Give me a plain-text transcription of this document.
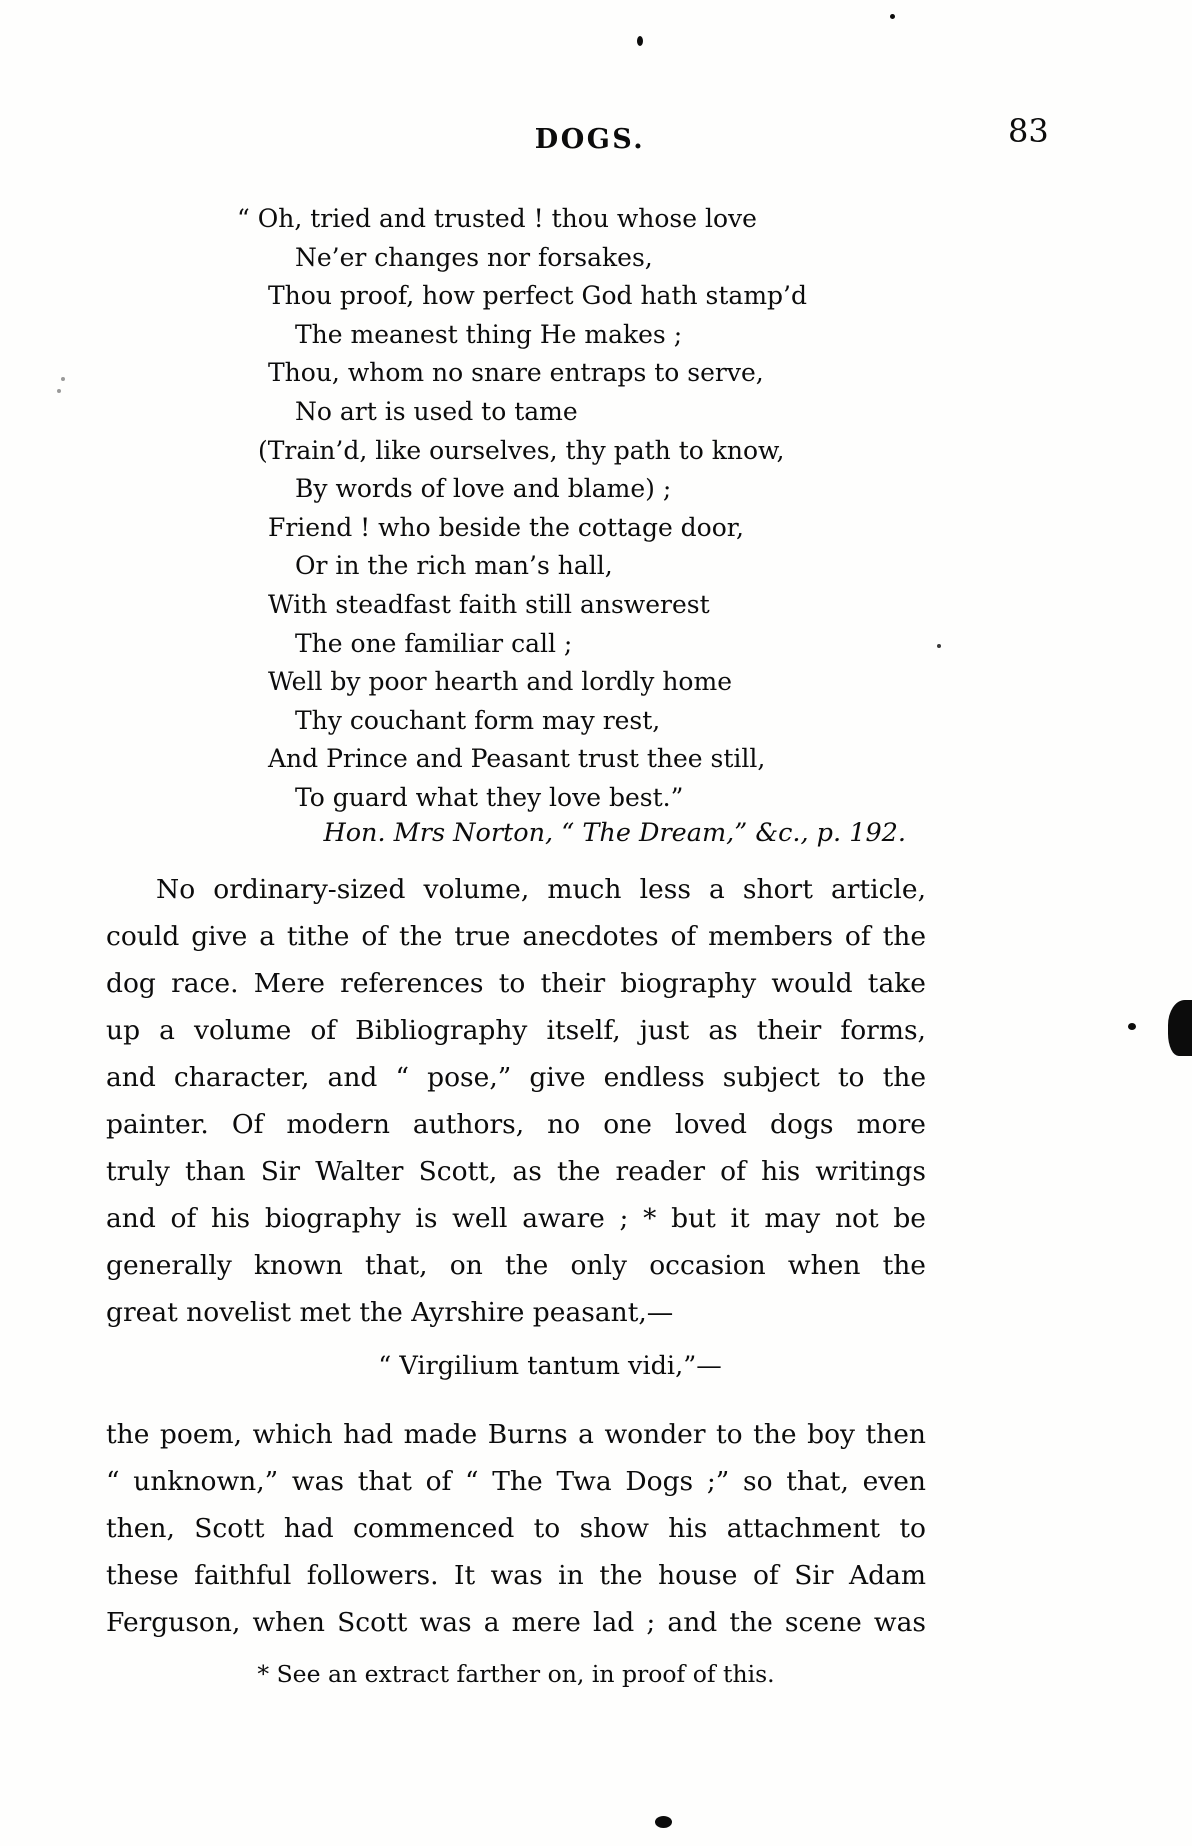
DOGS.	83
“ Oh, tried and trusted ! thou whose love
Ne’er changes nor forsakes,
Thou proof, how perfect God hath stamp’d
The meanest thing He makes ;
Thou, whom no snare entraps to serve,
No art is used to tame
(Train’d, like ourselves, thy path to know,
By words of love and blame) ;
Friend ! who beside the cottage door,
Or in the rich man’s hall,
With steadfast faith still answerest
The one familiar call ;
Well by poor hearth and lordly home
Thy couchant form may rest,
And Prince and Peasant trust thee still,
To guard what they love best.”
Hon. Mrs Norton, “ The Dream,” &c., p. 192.
No ordinary-sized volume, much less a short article,
could give a tithe of the true anecdotes of members of the
dog race. Mere references to their biography would take
up a volume of Bibliography itself, just as their forms,
and character, and “ pose,” give endless subject to the
painter. Of modern authors, no one loved dogs more
truly than Sir Walter Scott, as the reader of his writings
and of his biography is well aware ; * but it may not be
generally known that, on the only occasion when the
great novelist met the Ayrshire peasant,—
“ Virgilium tantum vidi,”—
the poem, which had made Burns a wonder to the boy then
“ unknown,” was that of “ The Twa Dogs ;” so that, even
then, Scott had commenced to show his attachment to
these faithful followers. It was in the house of Sir Adam
Ferguson, when Scott was a mere lad ; and the scene was
* See an extract farther on, in proof of this.
